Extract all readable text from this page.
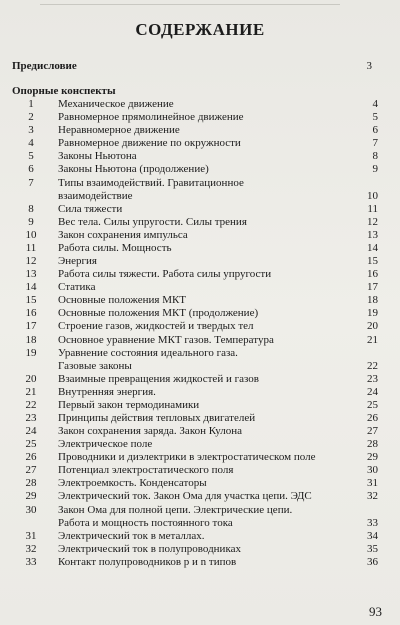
СОДЕРЖАНИЕ
Предисловие	3
Опорные конспекты
1	Механическое движение	4
2	Равномерное прямолинейное движение	5
3	Неравномерное движение	6
4	Равномерное движение по окружности	7
5	Законы Ньютона	8
6	Законы Ньютона (продолжение)	9
7	Типы взаимодействий. Гравитационное
взаимодействие	10
8	Сила тяжести	11
9	Вес тела. Силы упругости. Силы трения	12
10	Закон сохранения импульса	13
11	Работа силы. Мощность	14
12	Энергия	15
13	Работа силы тяжести. Работа силы упругости	16
14	Статика	17
15	Основные положения МКТ	18
16	Основные положения МКТ (продолжение)	19
17	Строение газов, жидкостей и твердых тел	20
18	Основное уравнение МКТ газов. Температура	21
19	Уравнение состояния идеального газа.
Газовые законы	22
20	Взаимные превращения жидкостей и газов	23
21	Внутренняя энергия.	24
22	Первый закон термодинамики	25
23	Принципы действия тепловых двигателей	26
24	Закон сохранения заряда. Закон Кулона	27
25	Электрическое поле	28
26	Проводники и диэлектрики в электростатическом поле	29
27	Потенциал электростатического поля	30
28	Электроемкость. Конденсаторы	31
29	Электрический ток. Закон Ома для участка цепи. ЭДС	32
30	Закон Ома для полной цепи. Электрические цепи.
Работа и мощность постоянного тока	33
31	Электрический ток в металлах.	34
32	Электрический ток в полупроводниках	35
33	Контакт полупроводников p и n типов	36
93
